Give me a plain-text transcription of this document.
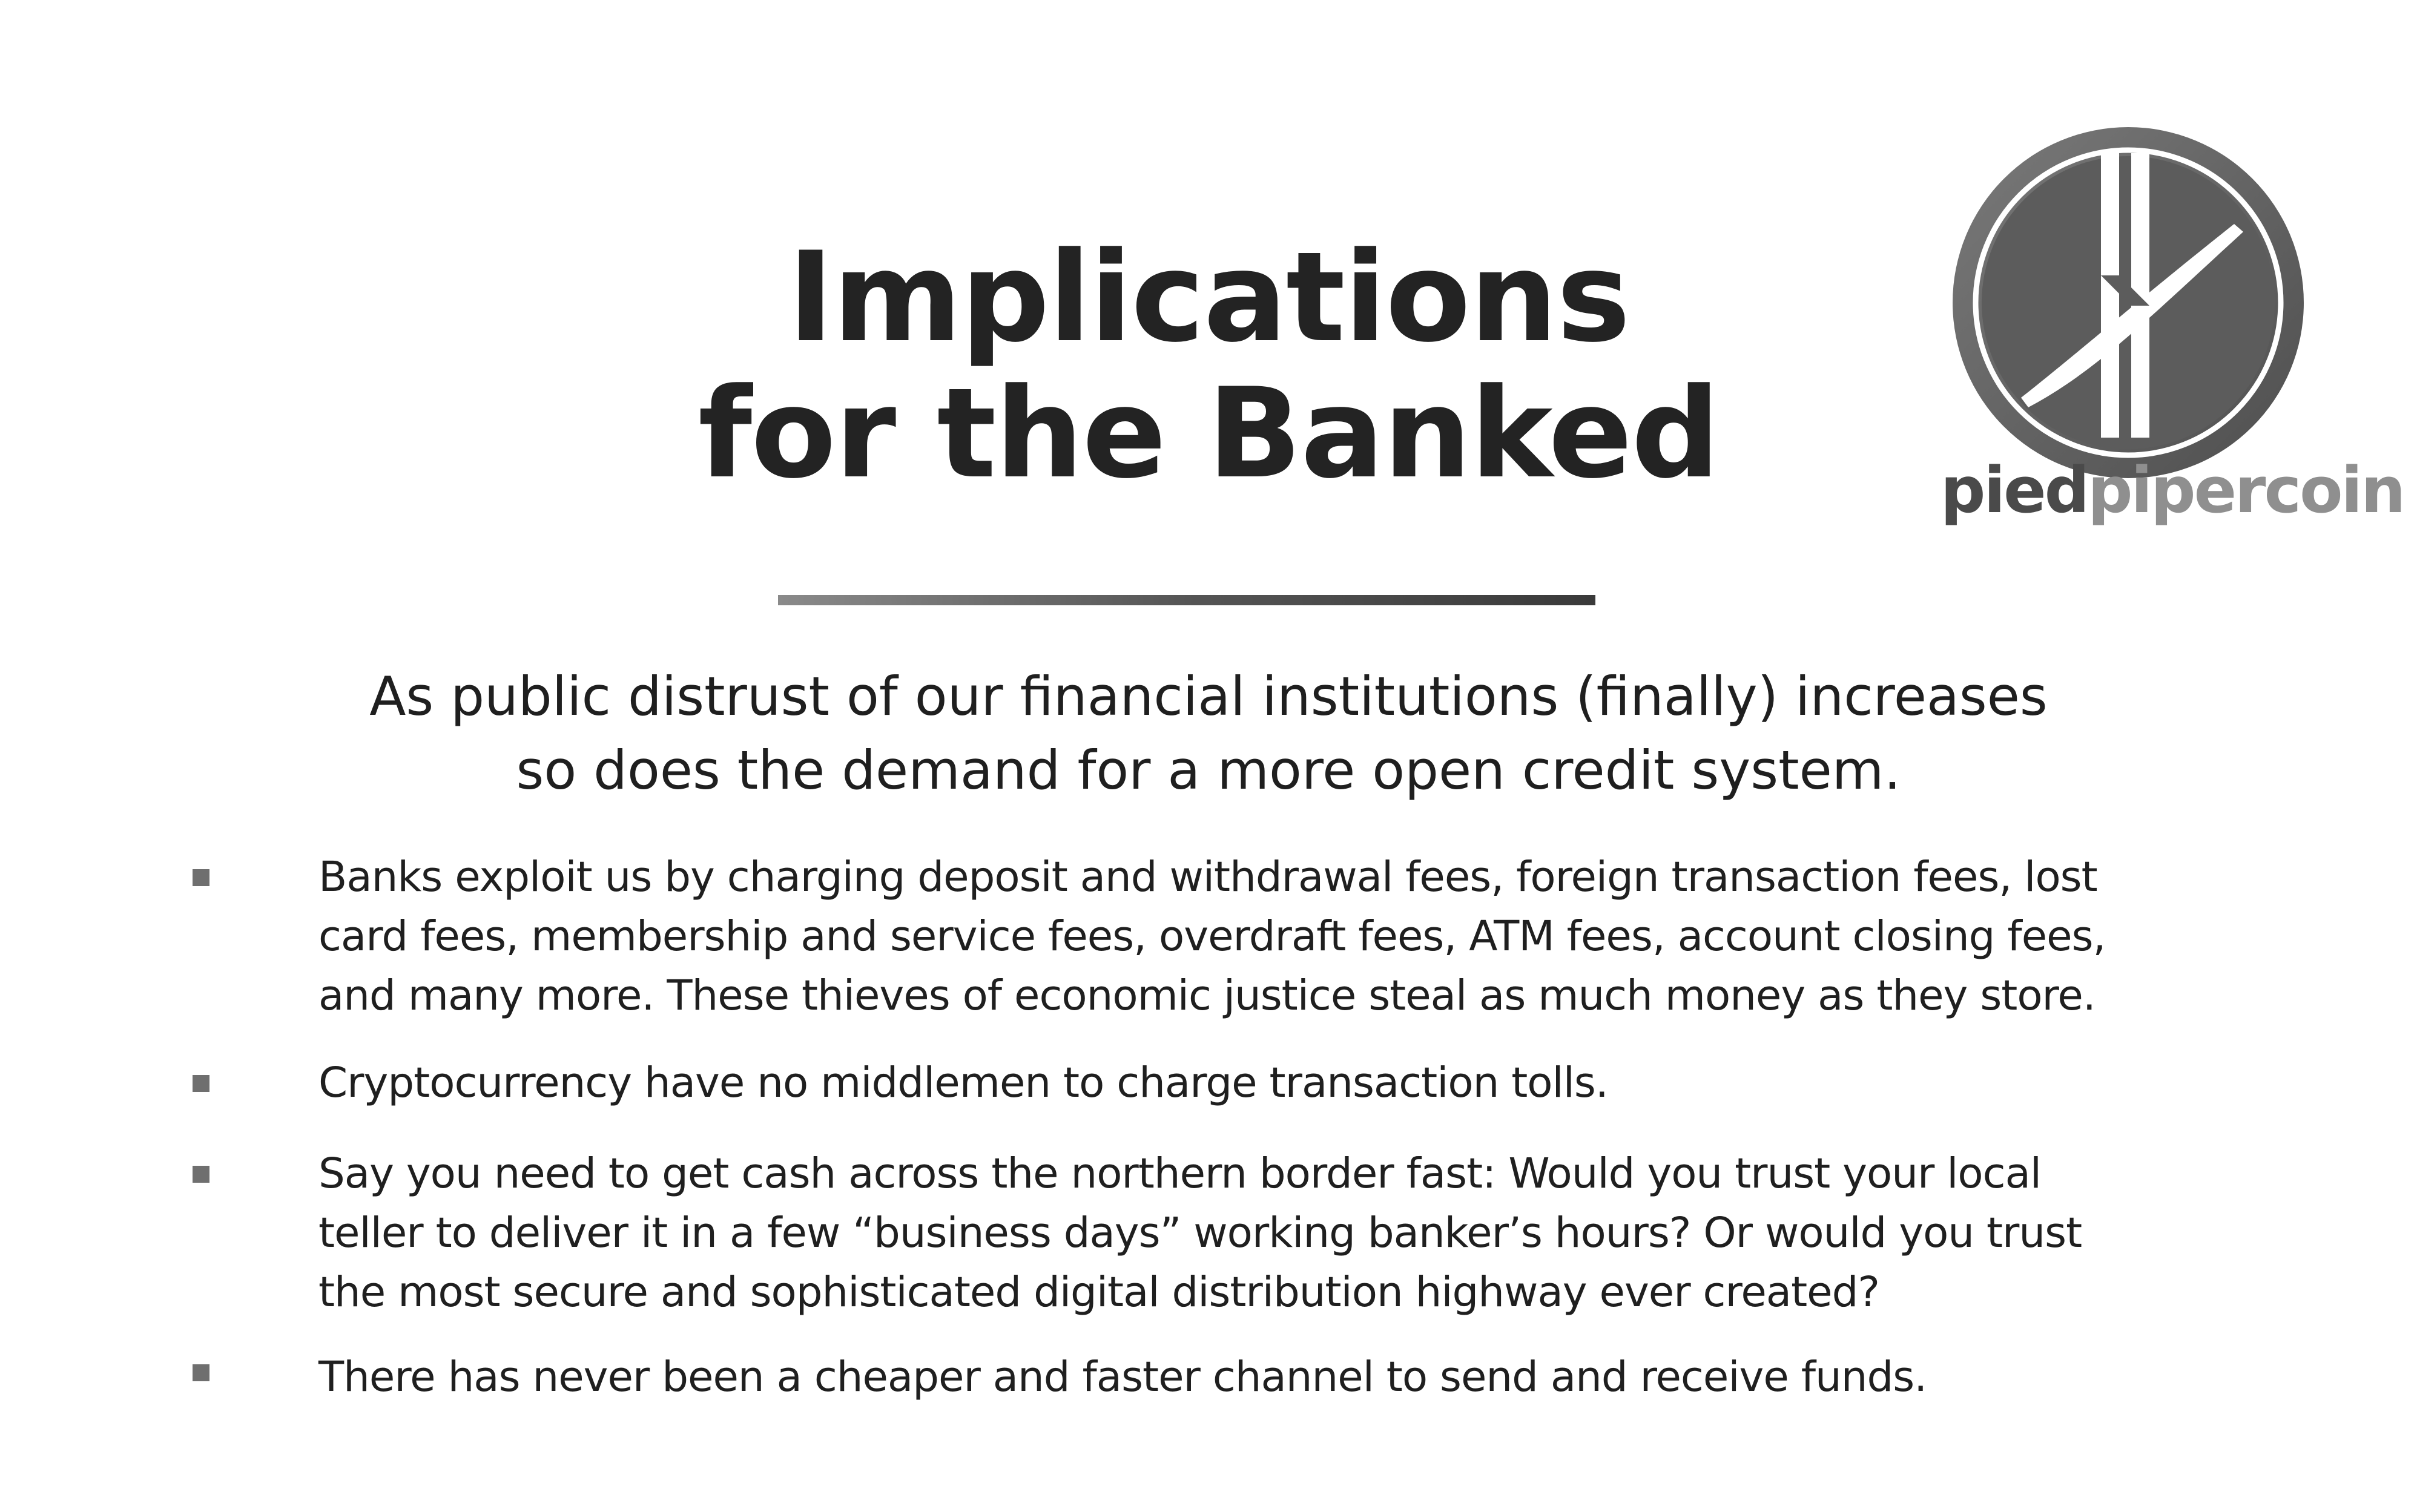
Implications
for the Banked
As public distrust of our financial institutions (finally) increases
so does the demand for a more open credit system.
Banks exploit us by charging deposit and withdrawal fees, foreign transaction fees, lost card fees, membership and service fees, overdraft fees, ATM fees, account closing fees, and many more. These thieves of economic justice steal as much money as they store.
Cryptocurrency have no middlemen to charge transaction tolls.
Say you need to get cash across the northern border fast: Would you trust your local teller to deliver it in a few “business days” working banker’s hours? Or would you trust the most secure and sophisticated digital distribution highway ever created?
There has never been a cheaper and faster channel to send and receive funds.
piedpipercoin
